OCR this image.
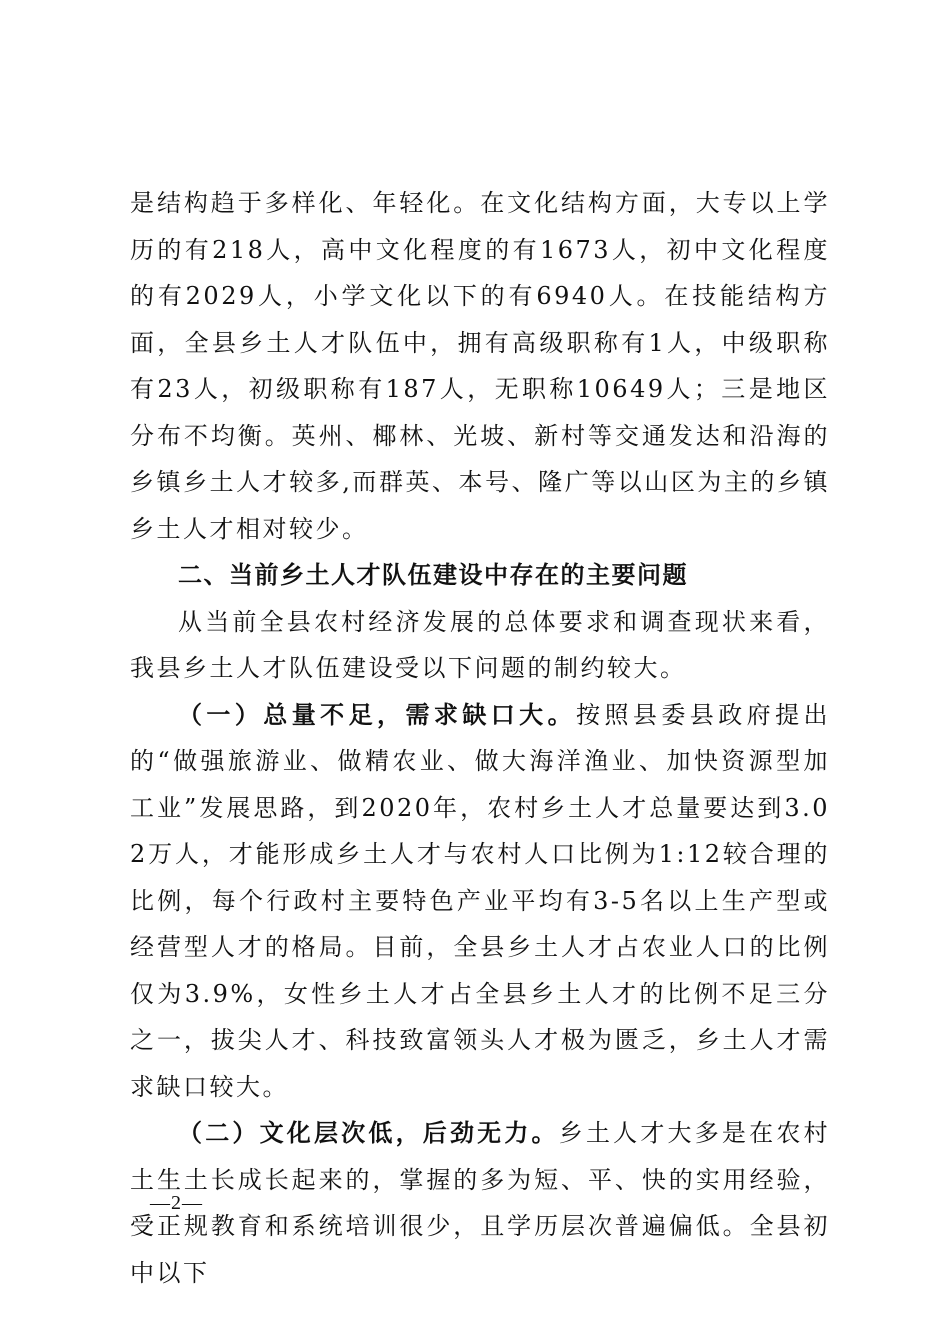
是结构趋于多样化、年轻化。在文化结构方面，大专以上学历的有218人，高中文化程度的有1673人，初中文化程度的有2029人，小学文化以下的有6940人。在技能结构方面，全县乡土人才队伍中，拥有高级职称有1人，中级职称有23人，初级职称有187人，无职称10649人；三是地区分布不均衡。英州、椰林、光坡、新村等交通发达和沿海的乡镇乡土人才较多,而群英、本号、隆广等以山区为主的乡镇乡土人才相对较少。

二、当前乡土人才队伍建设中存在的主要问题

从当前全县农村经济发展的总体要求和调查现状来看，我县乡土人才队伍建设受以下问题的制约较大。

（一）总量不足，需求缺口大。按照县委县政府提出的“做强旅游业、做精农业、做大海洋渔业、加快资源型加工业”发展思路，到2020年，农村乡土人才总量要达到3.02万人，才能形成乡土人才与农村人口比例为1:12较合理的比例，每个行政村主要特色产业平均有3-5名以上生产型或经营型人才的格局。目前，全县乡土人才占农业人口的比例仅为3.9%，女性乡土人才占全县乡土人才的比例不足三分之一，拔尖人才、科技致富领头人才极为匮乏，乡土人才需求缺口较大。

（二）文化层次低，后劲无力。乡土人才大多是在农村土生土长成长起来的，掌握的多为短、平、快的实用经验，受正规教育和系统培训很少，且学历层次普遍偏低。全县初中以下

—2—
